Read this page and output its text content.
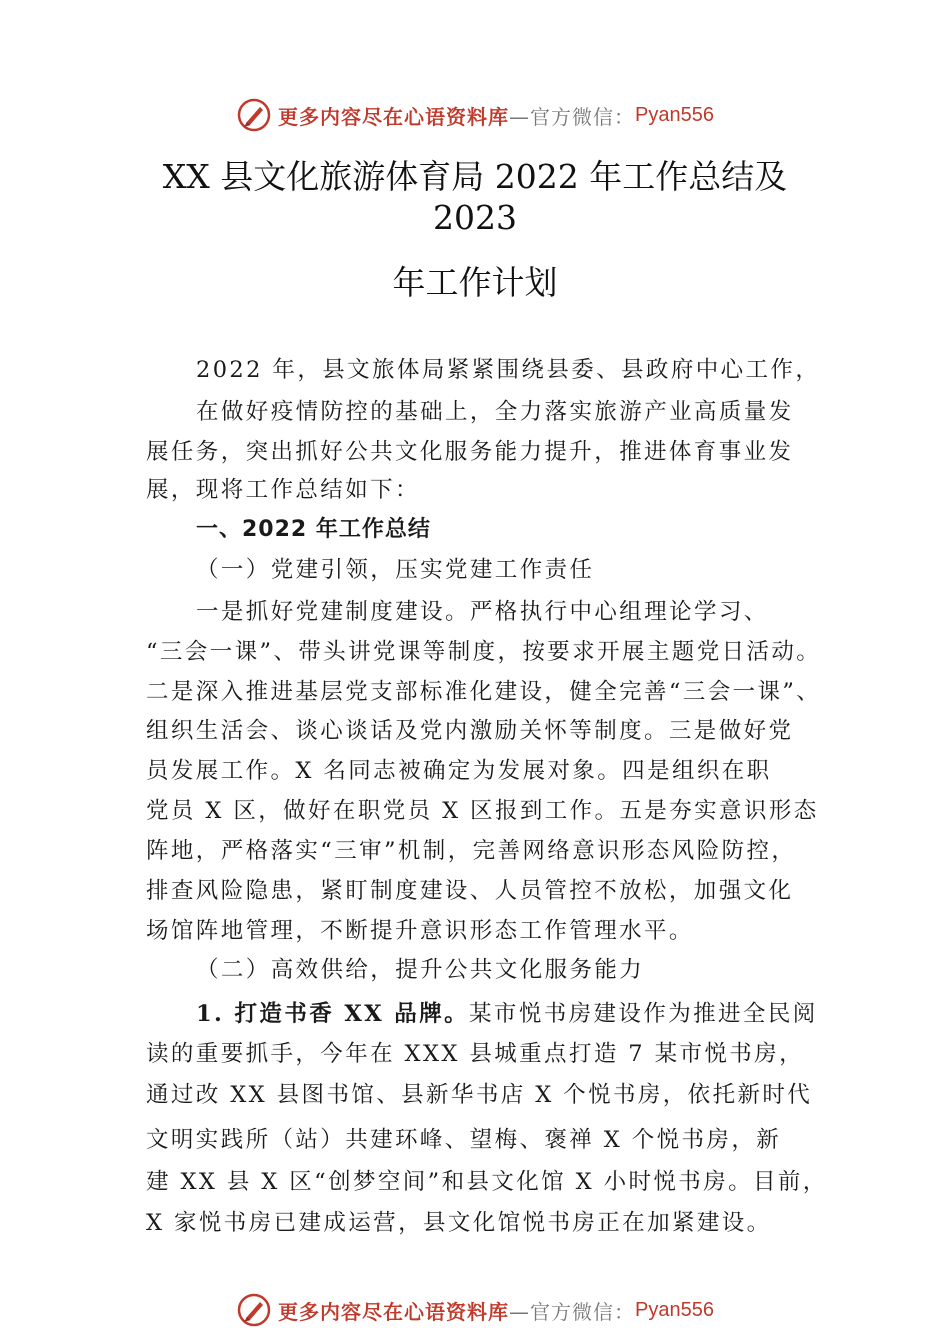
更多内容尽在心语资料库 —官方微信： Pyan556
XX 县文化旅游体育局 2022 年工作总结及
2023
年工作计划
2022 年，县文旅体局紧紧围绕县委、县政府中心工作，
在做好疫情防控的基础上，全力落实旅游产业高质量发
展任务，突出抓好公共文化服务能力提升，推进体育事业发
展，现将工作总结如下：
一、2022 年工作总结
（一）党建引领，压实党建工作责任
一是抓好党建制度建设。严格执行中心组理论学习、
“三会一课”、带头讲党课等制度，按要求开展主题党日活动。
二是深入推进基层党支部标准化建设，健全完善“三会一课”、
组织生活会、谈心谈话及党内激励关怀等制度。三是做好党
员发展工作。X 名同志被确定为发展对象。四是组织在职
党员 X 区，做好在职党员 X 区报到工作。五是夯实意识形态
阵地，严格落实“三审”机制，完善网络意识形态风险防控，
排查风险隐患，紧盯制度建设、人员管控不放松，加强文化
场馆阵地管理，不断提升意识形态工作管理水平。
（二）高效供给，提升公共文化服务能力
1. 打造书香 XX 品牌。某市悦书房建设作为推进全民阅
读的重要抓手，今年在 XXX 县城重点打造 7 某市悦书房，
通过改 XX 县图书馆、县新华书店 X 个悦书房，依托新时代
文明实践所（站）共建环峰、望梅、褒禅 X 个悦书房，新
建 XX 县 X 区“创梦空间”和县文化馆 X 小时悦书房。目前，
X 家悦书房已建成运营，县文化馆悦书房正在加紧建设。
更多内容尽在心语资料库 —官方微信： Pyan556
